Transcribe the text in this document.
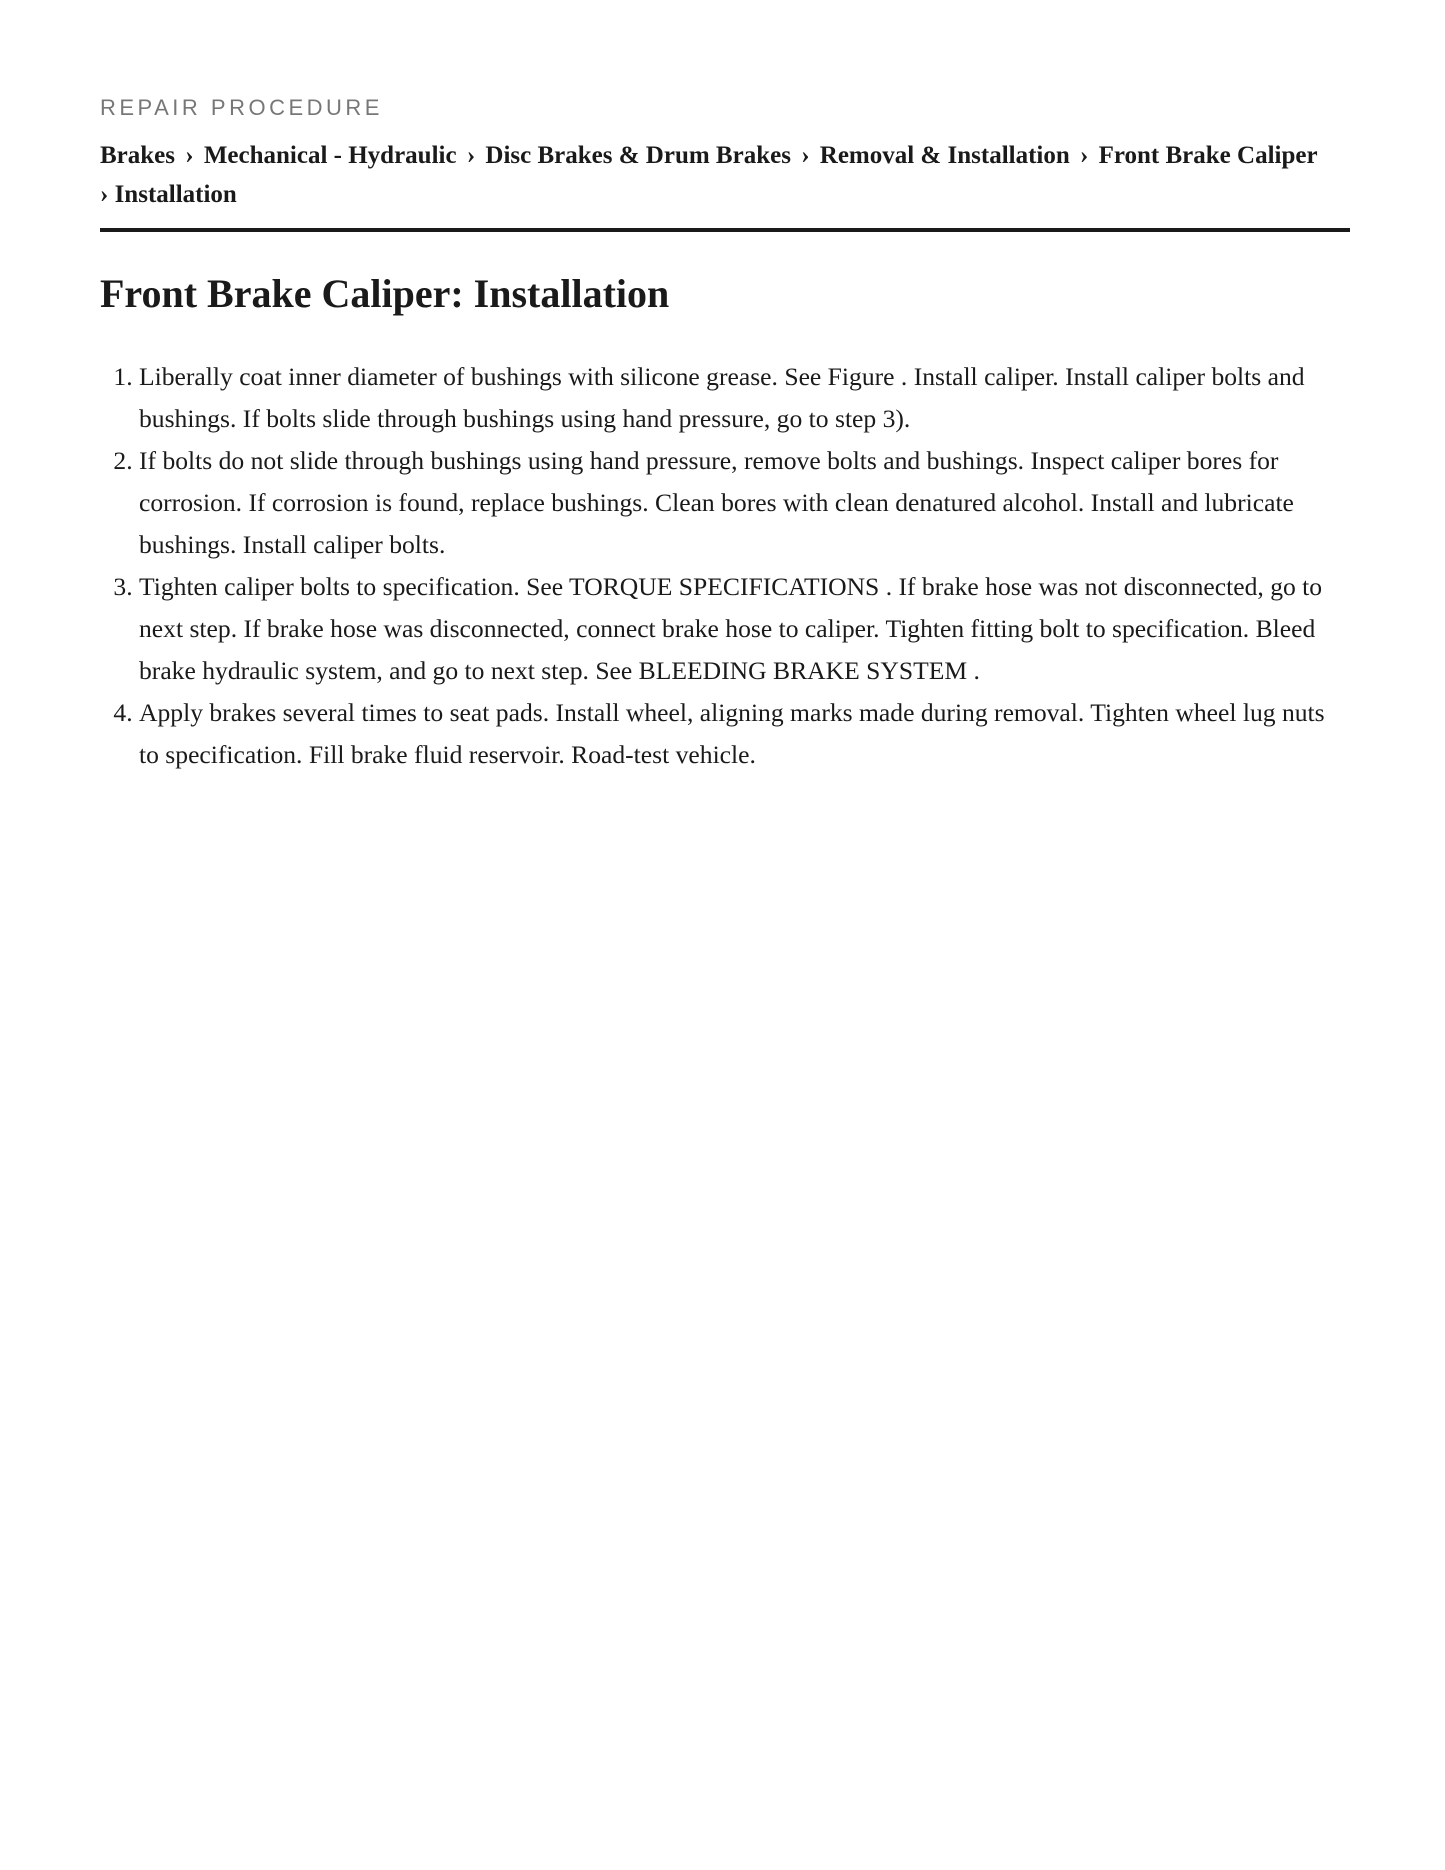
REPAIR PROCEDURE
Brakes › Mechanical - Hydraulic › Disc Brakes & Drum Brakes › Removal & Installation › Front Brake Caliper
› Installation
Front Brake Caliper: Installation
1. Liberally coat inner diameter of bushings with silicone grease. See Figure . Install caliper. Install caliper bolts and bushings. If bolts slide through bushings using hand pressure, go to step 3).
2. If bolts do not slide through bushings using hand pressure, remove bolts and bushings. Inspect caliper bores for corrosion. If corrosion is found, replace bushings. Clean bores with clean denatured alcohol. Install and lubricate bushings. Install caliper bolts.
3. Tighten caliper bolts to specification. See TORQUE SPECIFICATIONS . If brake hose was not disconnected, go to next step. If brake hose was disconnected, connect brake hose to caliper. Tighten fitting bolt to specification. Bleed brake hydraulic system, and go to next step. See BLEEDING BRAKE SYSTEM .
4. Apply brakes several times to seat pads. Install wheel, aligning marks made during removal. Tighten wheel lug nuts to specification. Fill brake fluid reservoir. Road-test vehicle.
